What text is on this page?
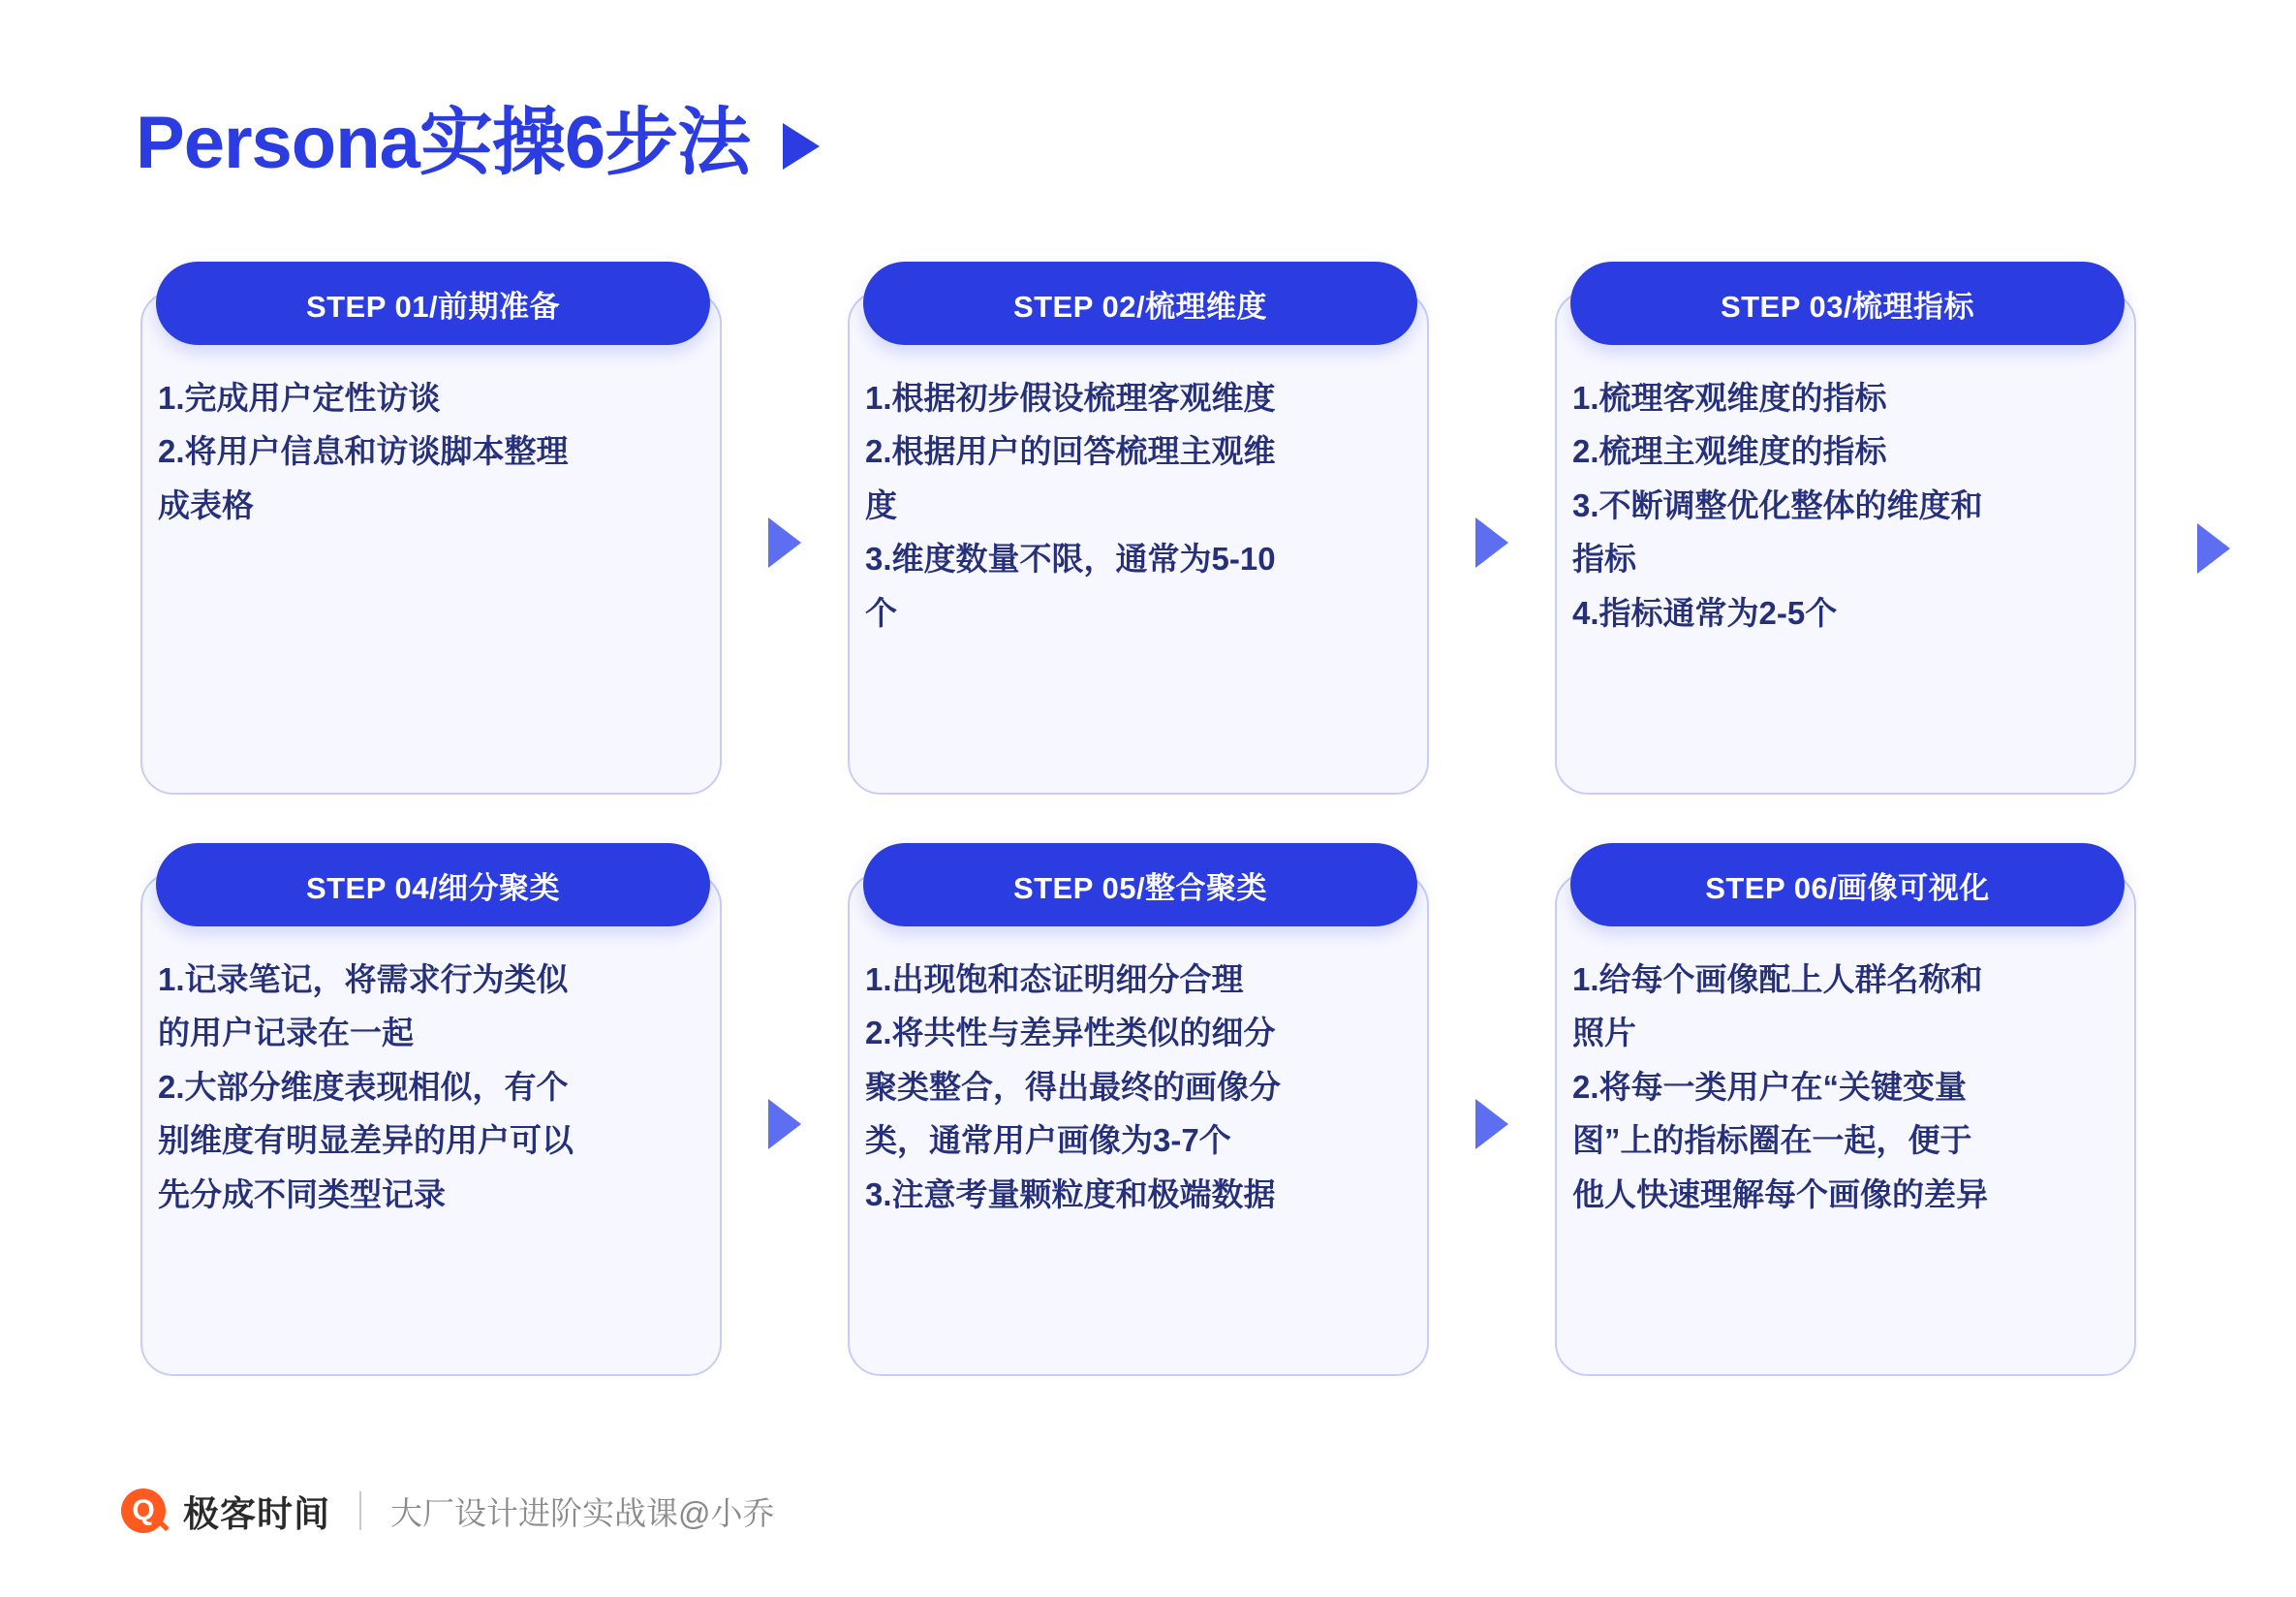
Persona实操6步法
STEP 01/前期准备
1.完成用户定性访谈
2.将用户信息和访谈脚本整理
成表格
STEP 02/梳理维度
1.根据初步假设梳理客观维度
2.根据用户的回答梳理主观维
度
3.维度数量不限，通常为5-10
个
STEP 03/梳理指标
1.梳理客观维度的指标
2.梳理主观维度的指标
3.不断调整优化整体的维度和
指标
4.指标通常为2-5个
STEP 04/细分聚类
1.记录笔记，将需求行为类似
的用户记录在一起
2.大部分维度表现相似，有个
别维度有明显差异的用户可以
先分成不同类型记录
STEP 05/整合聚类
1.出现饱和态证明细分合理
2.将共性与差异性类似的细分
聚类整合，得出最终的画像分
类，通常用户画像为3-7个
3.注意考量颗粒度和极端数据
STEP 06/画像可视化
1.给每个画像配上人群名称和
照片
2.将每一类用户在“关键变量
图”上的指标圈在一起，便于
他人快速理解每个画像的差异
Q 极客时间 大厂设计进阶实战课@小乔
